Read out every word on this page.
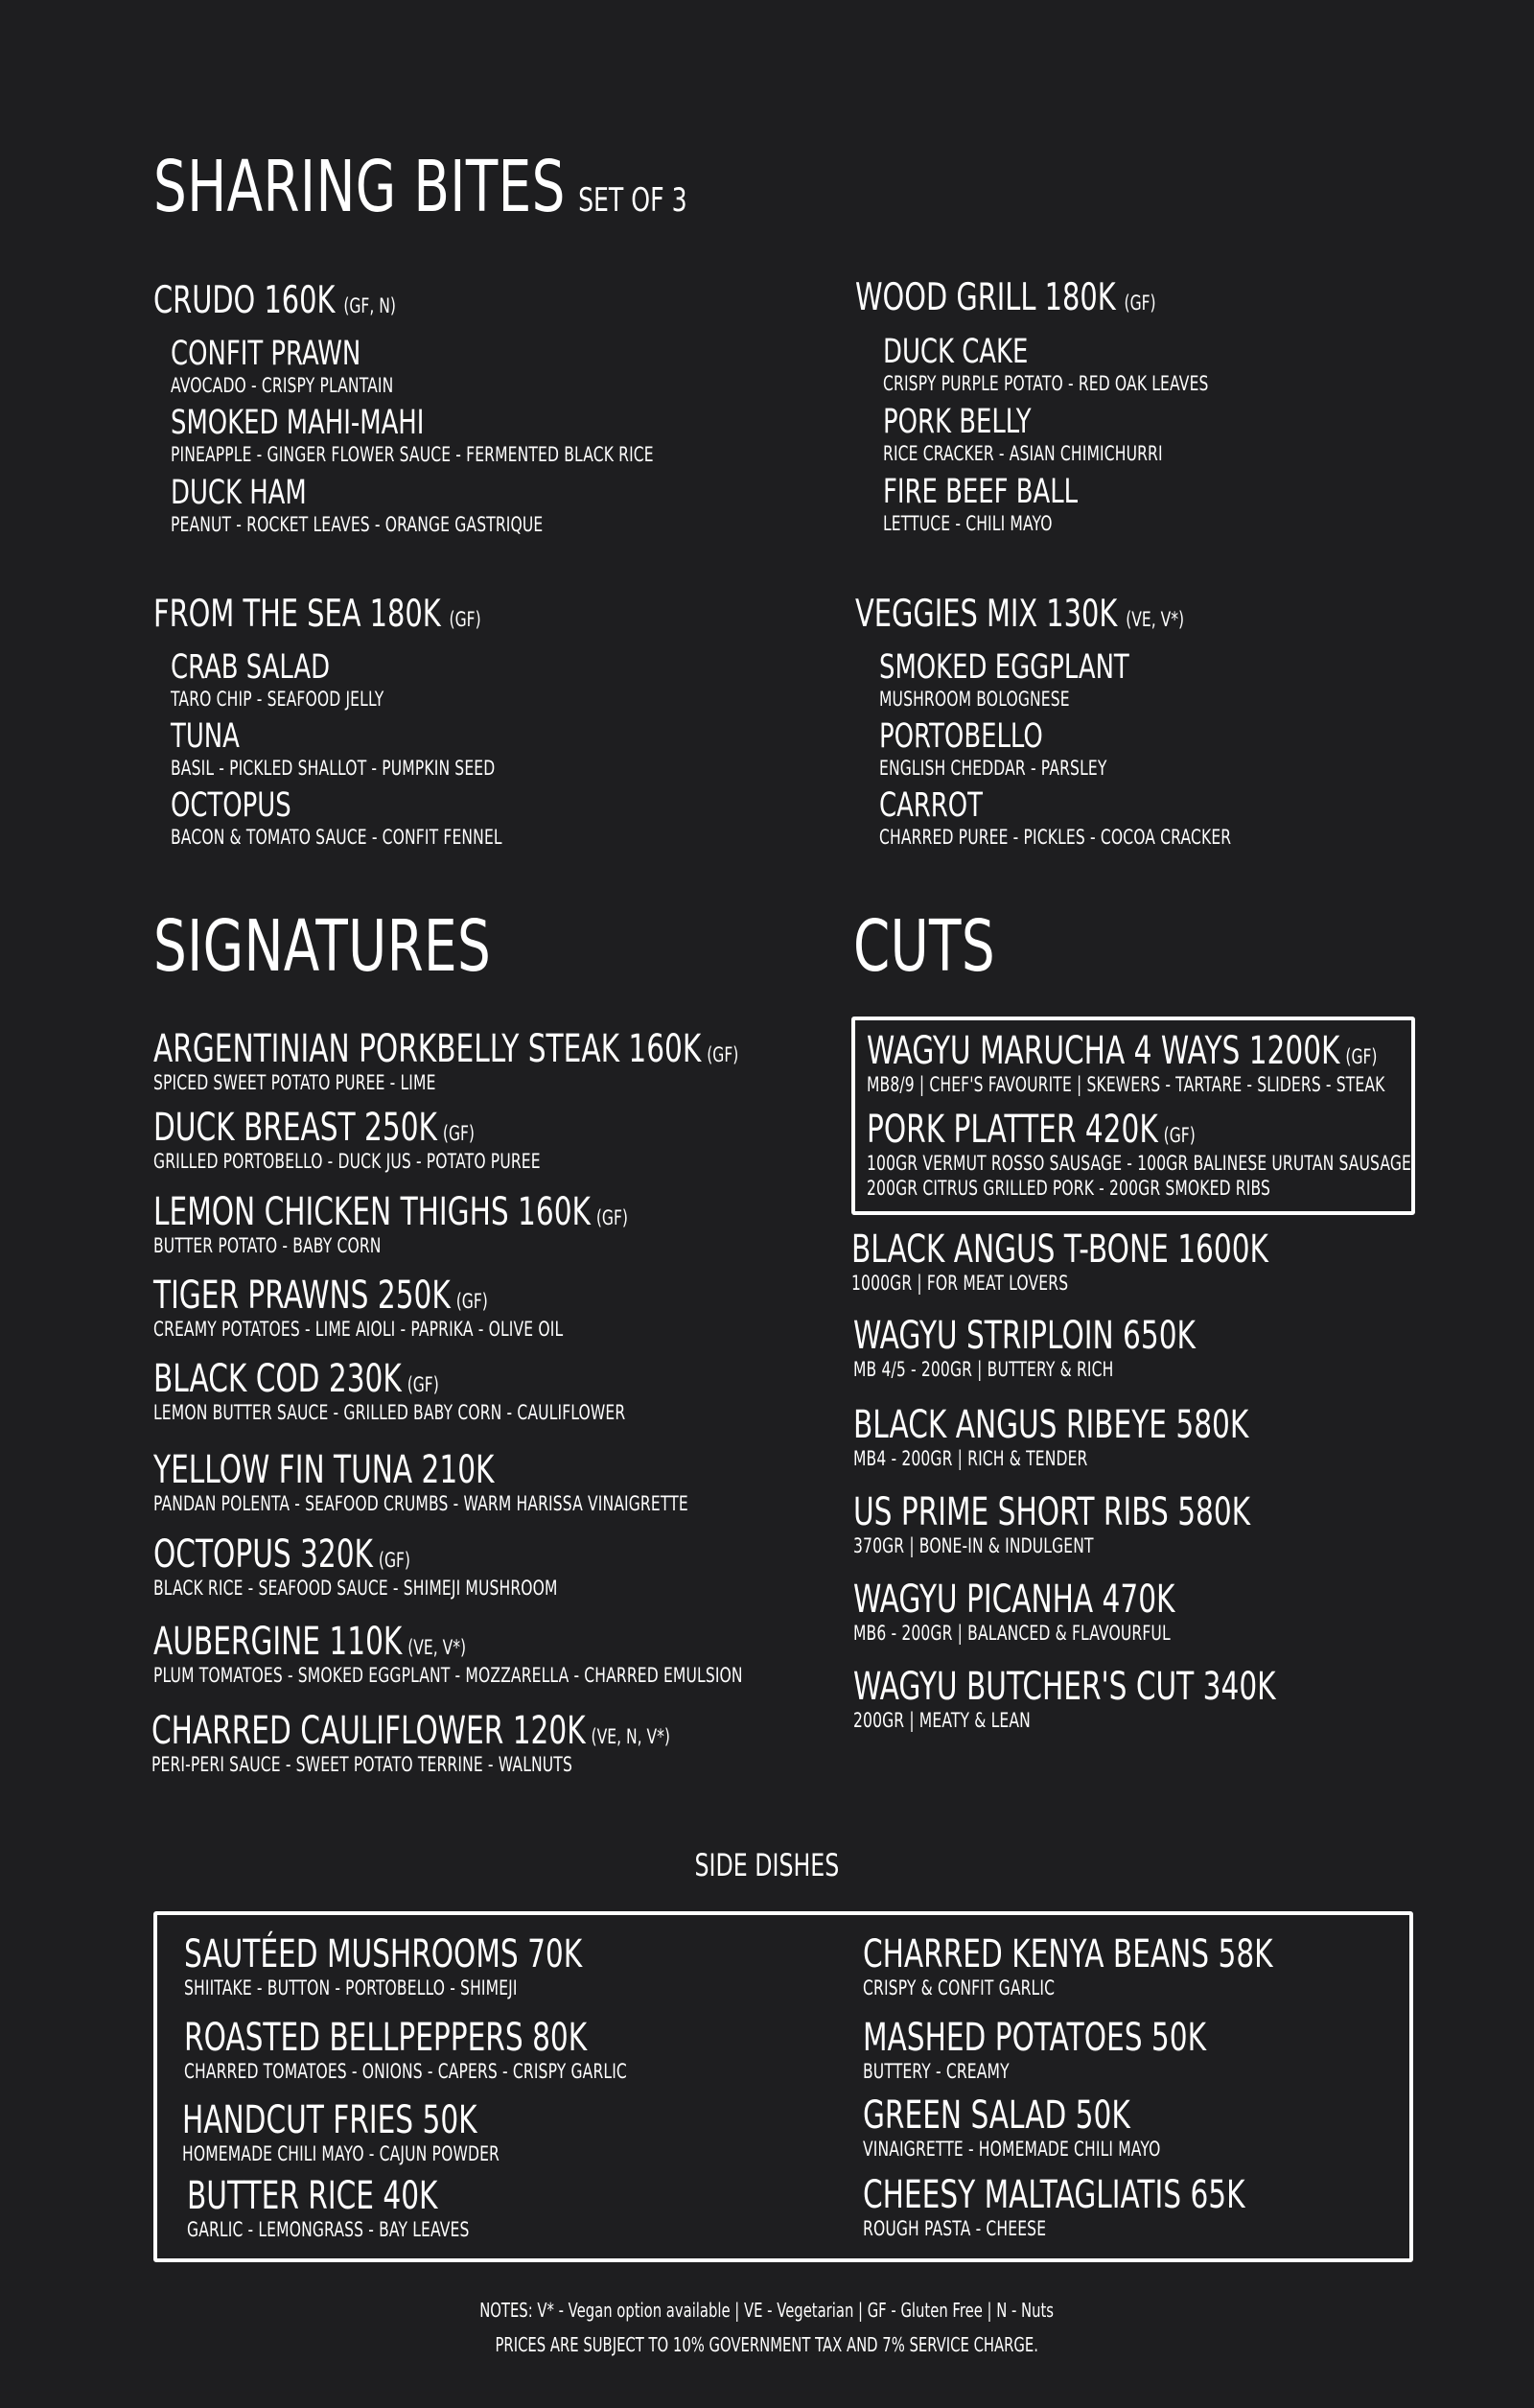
SHARING BITES SET OF 3
CRUDO 160K (GF, N)
CONFIT PRAWN
AVOCADO - CRISPY PLANTAIN
SMOKED MAHI-MAHI
PINEAPPLE - GINGER FLOWER SAUCE - FERMENTED BLACK RICE
DUCK HAM
PEANUT - ROCKET LEAVES - ORANGE GASTRIQUE
WOOD GRILL 180K (GF)
DUCK CAKE
CRISPY PURPLE POTATO - RED OAK LEAVES
PORK BELLY
RICE CRACKER - ASIAN CHIMICHURRI
FIRE BEEF BALL
LETTUCE - CHILI MAYO
FROM THE SEA 180K (GF)
CRAB SALAD
TARO CHIP - SEAFOOD JELLY
TUNA
BASIL - PICKLED SHALLOT - PUMPKIN SEED
OCTOPUS
BACON & TOMATO SAUCE - CONFIT FENNEL
VEGGIES MIX 130K (VE, V*)
SMOKED EGGPLANT
MUSHROOM BOLOGNESE
PORTOBELLO
ENGLISH CHEDDAR - PARSLEY
CARROT
CHARRED PUREE - PICKLES - COCOA CRACKER
SIGNATURES
ARGENTINIAN PORKBELLY STEAK 160K (GF)
SPICED SWEET POTATO PUREE - LIME
DUCK BREAST 250K (GF)
GRILLED PORTOBELLO - DUCK JUS - POTATO PUREE
LEMON CHICKEN THIGHS 160K (GF)
BUTTER POTATO - BABY CORN
TIGER PRAWNS 250K (GF)
CREAMY POTATOES - LIME AIOLI - PAPRIKA - OLIVE OIL
BLACK COD 230K (GF)
LEMON BUTTER SAUCE - GRILLED BABY CORN - CAULIFLOWER
YELLOW FIN TUNA 210K
PANDAN POLENTA - SEAFOOD CRUMBS - WARM HARISSA VINAIGRETTE
OCTOPUS 320K (GF)
BLACK RICE - SEAFOOD SAUCE - SHIMEJI MUSHROOM
AUBERGINE 110K (VE, V*)
PLUM TOMATOES - SMOKED EGGPLANT - MOZZARELLA - CHARRED EMULSION
CHARRED CAULIFLOWER 120K (VE, N, V*)
PERI-PERI SAUCE - SWEET POTATO TERRINE - WALNUTS
CUTS
WAGYU MARUCHA 4 WAYS 1200K (GF)
MB8/9 | CHEF'S FAVOURITE | SKEWERS - TARTARE - SLIDERS - STEAK
PORK PLATTER 420K (GF)
100GR VERMUT ROSSO SAUSAGE - 100GR BALINESE URUTAN SAUSAGE
200GR CITRUS GRILLED PORK - 200GR SMOKED RIBS
BLACK ANGUS T-BONE 1600K
1000GR | FOR MEAT LOVERS
WAGYU STRIPLOIN 650K
MB 4/5 - 200GR | BUTTERY & RICH
BLACK ANGUS RIBEYE 580K
MB4 - 200GR | RICH & TENDER
US PRIME SHORT RIBS 580K
370GR | BONE-IN & INDULGENT
WAGYU PICANHA 470K
MB6 - 200GR | BALANCED & FLAVOURFUL
WAGYU BUTCHER'S CUT 340K
200GR | MEATY & LEAN
SIDE DISHES
SAUTÉED MUSHROOMS 70K
SHIITAKE - BUTTON - PORTOBELLO - SHIMEJI
ROASTED BELLPEPPERS 80K
CHARRED TOMATOES - ONIONS - CAPERS - CRISPY GARLIC
HANDCUT FRIES 50K
HOMEMADE CHILI MAYO - CAJUN POWDER
BUTTER RICE 40K
GARLIC - LEMONGRASS - BAY LEAVES
CHARRED KENYA BEANS 58K
CRISPY & CONFIT GARLIC
MASHED POTATOES 50K
BUTTERY - CREAMY
GREEN SALAD 50K
VINAIGRETTE - HOMEMADE CHILI MAYO
CHEESY MALTAGLIATIS 65K
ROUGH PASTA - CHEESE
NOTES: V* - Vegan option available | VE - Vegetarian | GF - Gluten Free | N - Nuts
PRICES ARE SUBJECT TO 10% GOVERNMENT TAX AND 7% SERVICE CHARGE.
